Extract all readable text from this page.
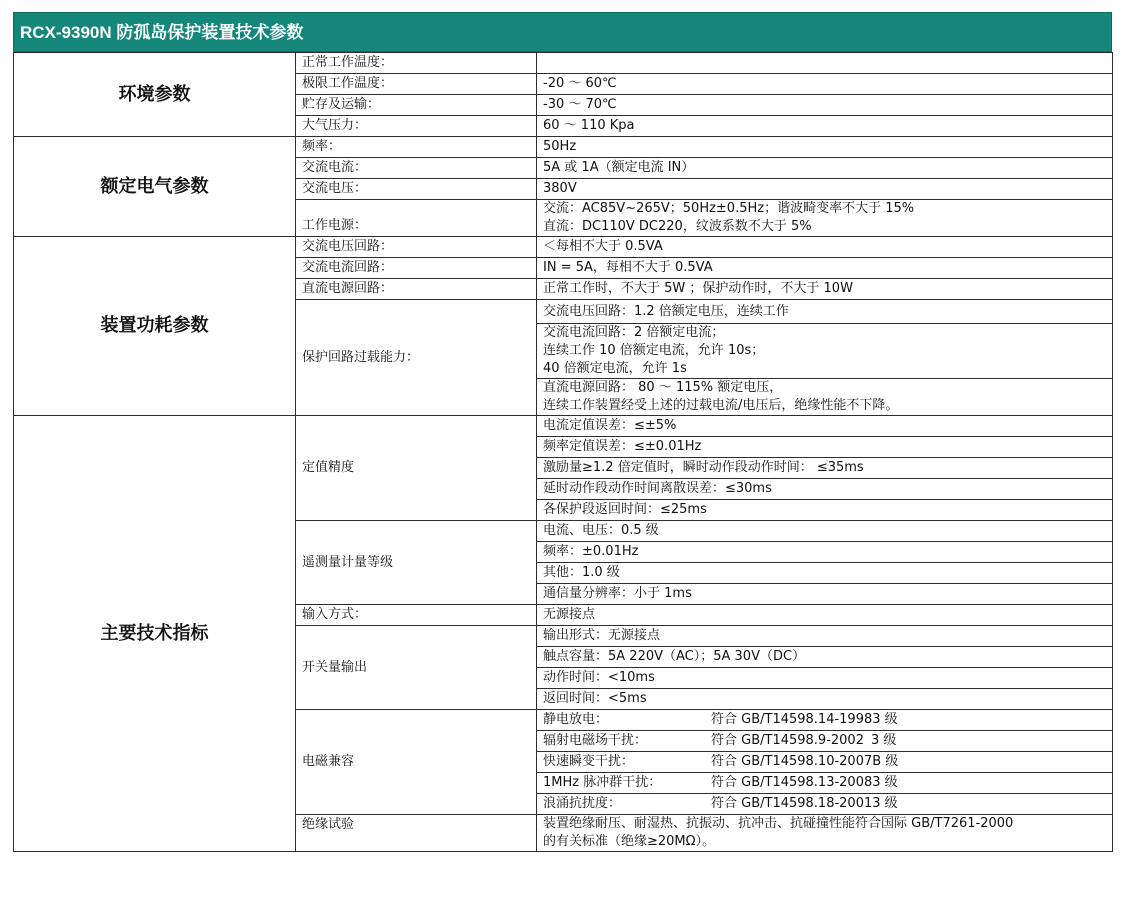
RCX-9390N 防孤岛保护装置技术参数
环境参数	正常工作温度：	
	极限工作温度：	-20 ～ 60℃
	贮存及运输：	-30 ～ 70℃
	大气压力：	60 ～ 110 Kpa
额定电气参数	频率：	50Hz
	交流电流：	5A 或 1A（额定电流 IN）
	交流电压：	380V
	工作电源：	交流：AC85V~265V；50Hz±0.5Hz；谐波畸变率不大于 15%
直流：DC110V DC220，纹波系数不大于 5%

装置功耗参数	交流电压回路：	＜每相不大于 0.5VA
	交流电流回路：	IN = 5A，每相不大于 0.5VA
	直流电源回路：	正常工作时，不大于 5W ；保护动作时，不大于 10W
	保护回路过载能力：	交流电压回路：1.2 倍额定电压，连续工作

		交流电流回路：2 倍额定电流；
连续工作 10 倍额定电流，允许 10s；
40 倍额定电流，允许 1s

		直流电源回路： 80 ～ 115% 额定电压，
连续工作装置经受上述的过载电流/电压后，绝缘性能不下降。

主要技术指标	定值精度	电流定值误差：≤±5%
		频率定值误差：≤±0.01Hz
		激励量≥1.2 倍定值时，瞬时动作段动作时间： ≤35ms
		延时动作段动作时间离散误差：≤30ms
		各保护段返回时间：≤25ms
	遥测量计量等级	电流、电压：0.5 级
		频率：±0.01Hz
		其他：1.0 级
		通信量分辨率：小于 1ms
	输入方式：	无源接点
	开关量输出	输出形式：无源接点
		触点容量：5A 220V（AC）；5A 30V（DC）
		动作时间：<10ms
		返回时间：<5ms
	电磁兼容	静电放电： 符合 GB/T14598.14-19983 级
		辐射电磁场干扰： 符合 GB/T14598.9-2002 3 级
		快速瞬变干扰： 符合 GB/T14598.10-2007B 级
		1MHz 脉冲群干扰： 符合 GB/T14598.13-20083 级
		浪涌抗扰度： 符合 GB/T14598.18-20013 级
	绝缘试验	装置绝缘耐压、耐湿热、抗振动、抗冲击、抗碰撞性能符合国际 GB/T7261-2000
的有关标准（绝缘≥20MΩ）。
